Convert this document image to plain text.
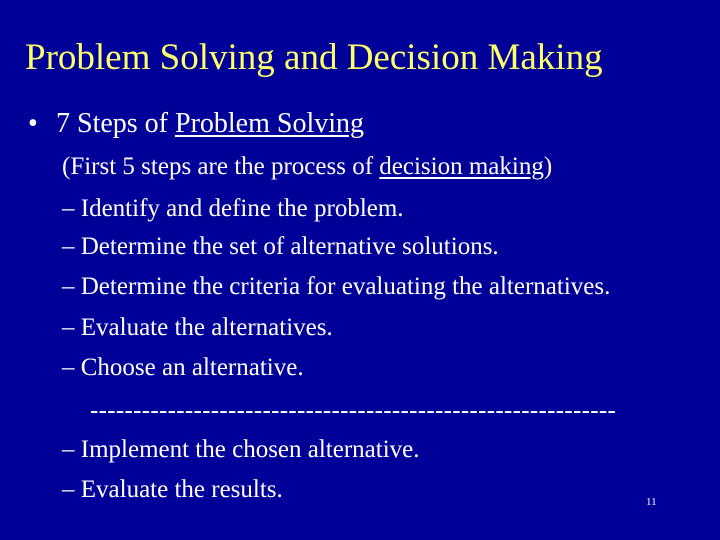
Problem Solving and Decision Making
• 7 Steps of Problem Solving
(First 5 steps are the process of decision making)
– Identify and define the problem.
– Determine the set of alternative solutions.
– Determine the criteria for evaluating the alternatives.
– Evaluate the alternatives.
– Choose an alternative.
-------------------------------------------------------------
– Implement the chosen alternative.
– Evaluate the results.	11
